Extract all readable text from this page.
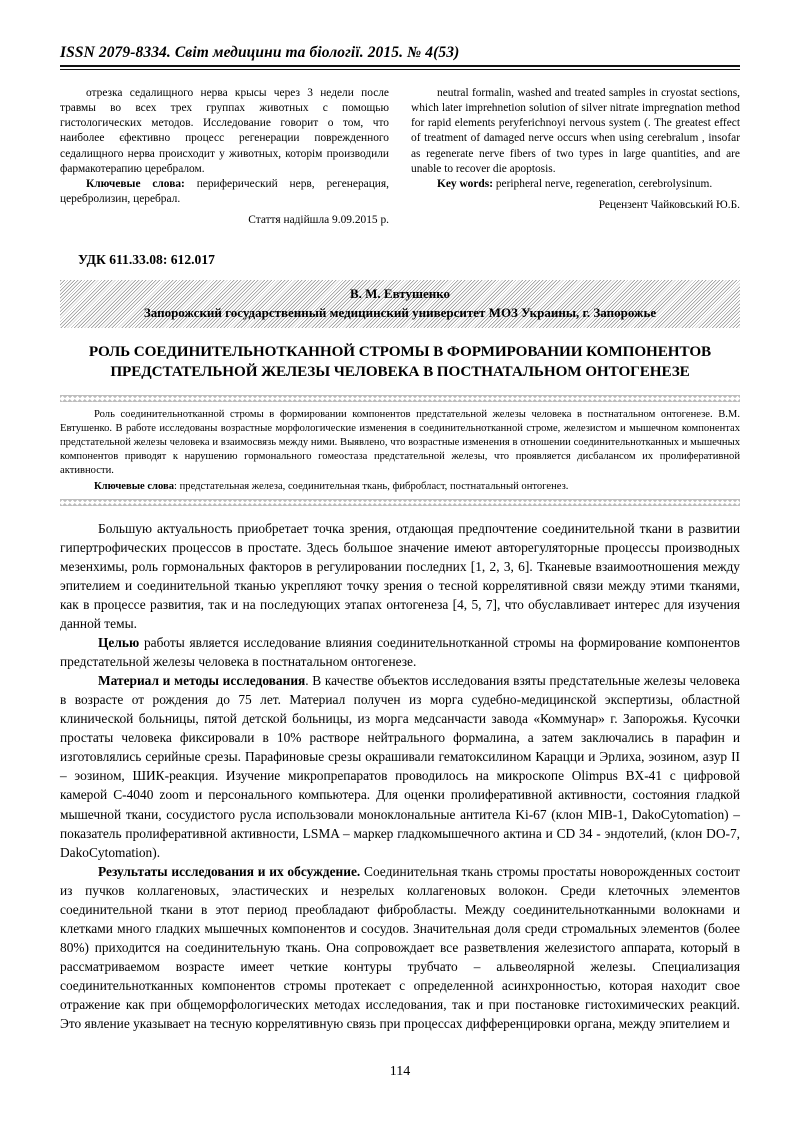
ISSN 2079-8334. Світ медицини та біології. 2015. № 4(53)

отрезка седалищного нерва крысы через 3 недели после травмы во всех трех группах животных с помощью гистологических методов. Исследование говорит о том, что наиболее єфективно процесс регенерации поврежденного седалищного нерва происходит у животных, которім производили фармакотерапию церебралом.

Ключевые слова: периферический нерв, регенерация, церебролизин, церебрал.

Стаття надійшла 9.09.2015 р.

neutral formalin, washed and treated samples in cryostat sections, which later imprehnetion solution of silver nitrate impregnation method for rapid elements peryferichnoyi nervous system (. The greatest effect of treatment of damaged nerve occurs when using cerebralum , insofar as regenerate nerve fibers of two types in large quantities, and are unable to recover die apoptosis.

Key words: peripheral nerve, regeneration, cerebrolysinum.

Рецензент Чайковський Ю.Б.
УДК 611.33.08: 612.017
В. М. Евтушенко
Запорожский государственный медицинский университет МОЗ Украины, г. Запорожье
РОЛЬ СОЕДИНИТЕЛЬНОТКАННОЙ СТРОМЫ В ФОРМИРОВАНИИ КОМПОНЕНТОВ ПРЕДСТАТЕЛЬНОЙ ЖЕЛЕЗЫ ЧЕЛОВЕКА В ПОСТНАТАЛЬНОМ ОНТОГЕНЕЗЕ

Роль соединительнотканной стромы в формировании компонентов предстательной железы человека в постнатальном онтогенезе. В.М. Евтушенко. В работе исследованы возрастные морфологические изменения в соединительнотканной строме, железистом и мышечном компонентах предстательной железы человека и взаимосвязь между ними. Выявлено, что возрастные изменения в отношении соединительнотканных и мышечных компонентов приводят к нарушению гормонального гомеостаза предстательной железы, что проявляется дисбалансом их пролиферативной активности.

Ключевые слова: предстательная железа, соединительная ткань, фибробласт, постнатальный онтогенез.

Большую актуальность приобретает точка зрения, отдающая предпочтение соединительной ткани в развитии гипертрофических процессов в простате. Здесь большое значение имеют авторегуляторные процессы производных мезенхимы, роль гормональных факторов в регулировании последних [1, 2, 3, 6]. Тканевые взаимоотношения между эпителием и соединительной тканью укрепляют точку зрения о тесной коррелятивной связи между этими тканями, как в процессе развития, так и на последующих этапах онтогенеза [4, 5, 7], что обуславливает интерес для изучения данной темы.

Целью работы является исследование влияния соединительнотканной стромы на формирование компонентов предстательной железы человека в постнатальном онтогенезе.

Материал и методы исследования. В качестве объектов исследования взяты предстательные железы человека в возрасте от рождения до 75 лет. Материал получен из морга судебно-медицинской экспертизы, областной клинической больницы, пятой детской больницы, из морга медсанчасти завода «Коммунар» г. Запорожья. Кусочки простаты человека фиксировали в 10% растворе нейтрального формалина, а затем заключались в парафин и изготовлялись серийные срезы. Парафиновые срезы окрашивали гематоксилином Карацци и Эрлиха, эозином, азур II – эозином, ШИК-реакция. Изучение микропрепаратов проводилось на микроскопе Olimpus BX-41 с цифровой камерой С-4040 zoom и персонального компьютера. Для оценки пролиферативной активности, состояния гладкой мышечной ткани, сосудистого русла использовали моноклональные антитела Ki-67 (клон MIB-1, DakoCytomation) – показатель пролиферативной активности, LSMA – маркер гладкомышечного актина и CD 34 - эндотелий, (клон DO-7, DakoCytomation).

Результаты исследования и их обсуждение. Соединительная ткань стромы простаты новорожденных состоит из пучков коллагеновых, эластических и незрелых коллагеновых волокон. Среди клеточных элементов соединительной ткани в этот период преобладают фибробласты. Между соединительнотканными волокнами и клетками много гладких мышечных компонентов и сосудов. Значительная доля среди стромальных элементов (более 80%) приходится на соединительную ткань. Она сопровождает все разветвления железистого аппарата, который в рассматриваемом возрасте имеет четкие контуры трубчато – альвеолярной железы. Специализация соединительнотканных компонентов стромы протекает с определенной асинхронностью, которая находит свое отражение как при общеморфологических методах исследования, так и при постановке гистохимических реакций. Это явление указывает на тесную коррелятивную связь при процессах дифференцировки органа, между эпителием и

114
